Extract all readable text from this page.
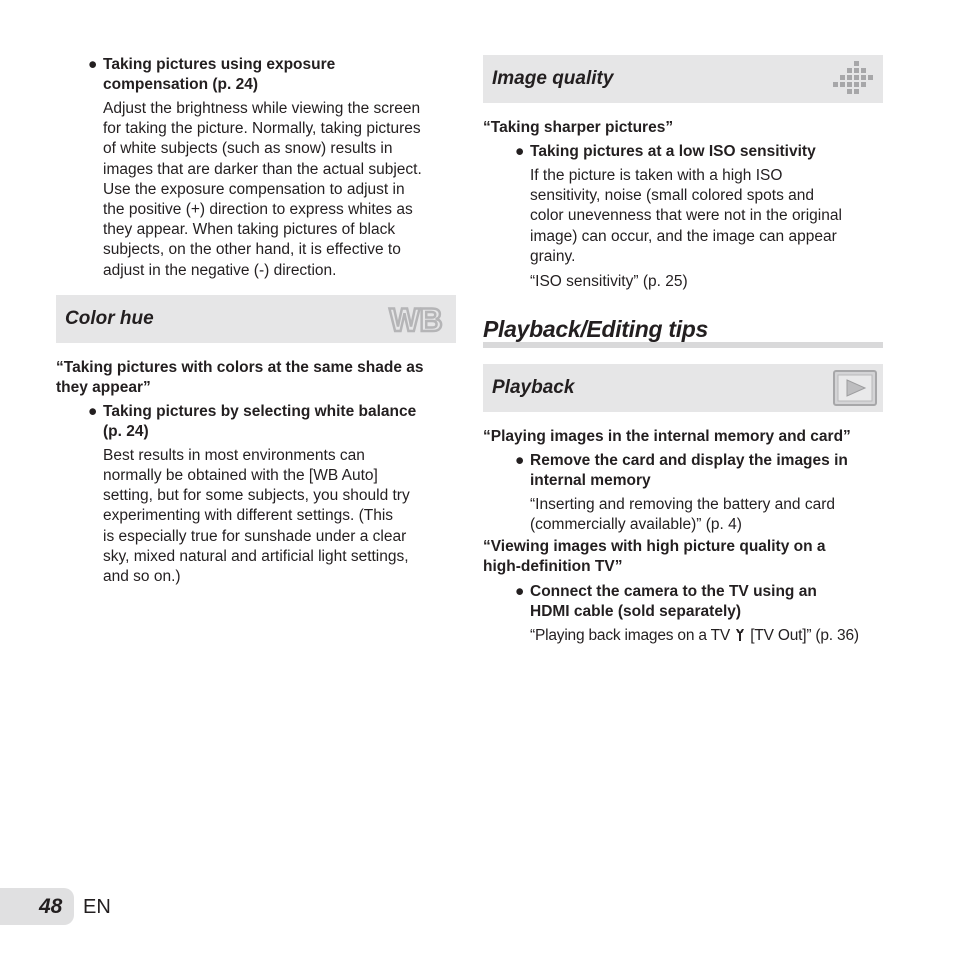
● Taking pictures using exposure
compensation (p. 24)
Adjust the brightness while viewing the screen
for taking the picture. Normally, taking pictures
of white subjects (such as snow) results in
images that are darker than the actual subject.
Use the exposure compensation to adjust in
the positive (+) direction to express whites as
they appear. When taking pictures of black
subjects, on the other hand, it is effective to
adjust in the negative (-) direction.
Color hue	WB
“Taking pictures with colors at the same shade as
they appear”
● Taking pictures by selecting white balance
(p. 24)
Best results in most environments can
normally be obtained with the [WB Auto]
setting, but for some subjects, you should try
experimenting with different settings. (This
is especially true for sunshade under a clear
sky, mixed natural and artificial light settings,
and so on.)
Image quality
“Taking sharper pictures”
● Taking pictures at a low ISO sensitivity
If the picture is taken with a high ISO
sensitivity, noise (small colored spots and
color unevenness that were not in the original
image) can occur, and the image can appear
grainy.
“ISO sensitivity” (p. 25)
Playback/Editing tips
Playback
“Playing images in the internal memory and card”
● Remove the card and display the images in
internal memory
“Inserting and removing the battery and card
(commercially available)” (p. 4)
“Viewing images with high picture quality on a
high-definition TV”
● Connect the camera to the TV using an
HDMI cable (sold separately)
“Playing back images on a TV [TV Out]” (p. 36)
48 EN
